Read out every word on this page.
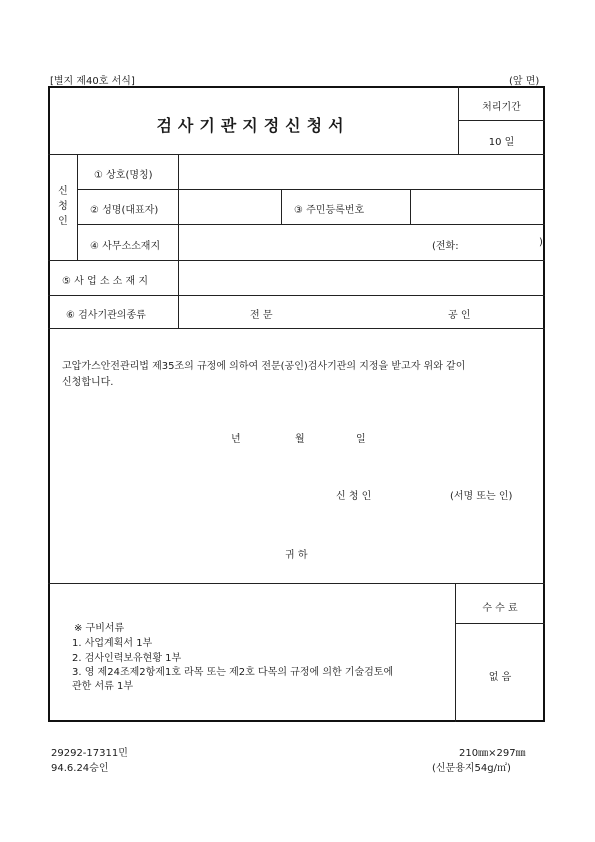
[별지 제40호 서식]	(앞 면)
검사기관지정신청서
처리기간
10 일
신청인
① 상호(명칭)
② 성명(대표자)	③ 주민등록번호
④ 사무소소재지	(전화:	)
⑤ 사 업 소 소 재 지
⑥ 검사기관의종류	전 문	공 인
고압가스안전관리법 제35조의 규정에 의하여 전문(공인)검사기관의 지정을 받고자 위와 같이
신청합니다.
년	월	일
신 청 인	(서명 또는 인)
귀 하
※ 구비서류
1. 사업계획서 1부
2. 검사인력보유현황 1부
3. 영 제24조제2항제1호 라목 또는 제2호 다목의 규정에 의한 기술검토에
관한 서류 1부
수 수 료
없 음
29292-17311민
94.6.24승인
210㎜×297㎜
(신문용지54g/㎡)
